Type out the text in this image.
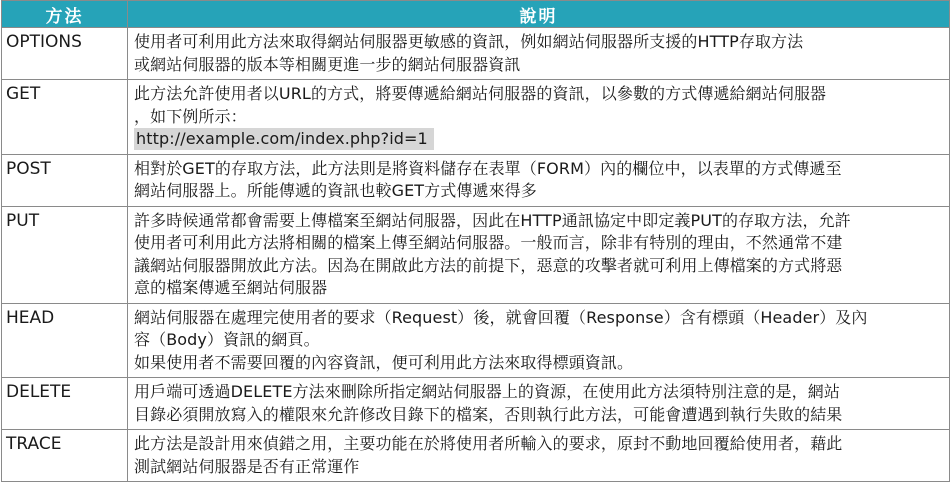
方法	說明
OPTIONS	使用者可利用此方法來取得網站伺服器更敏感的資訊，例如網站伺服器所支援的HTTP存取方法
或網站伺服器的版本等相關更進一步的網站伺服器資訊

GET	此方法允許使用者以URL的方式，將要傳遞給網站伺服器的資訊，以參數的方式傳遞給網站伺服器
，如下例所示：
http://example.com/index.php?id=1

POST	相對於GET的存取方法，此方法則是將資料儲存在表單（FORM）內的欄位中，以表單的方式傳遞至
網站伺服器上。所能傳遞的資訊也較GET方式傳遞來得多

PUT	許多時候通常都會需要上傳檔案至網站伺服器，因此在HTTP通訊協定中即定義PUT的存取方法，允許
使用者可利用此方法將相關的檔案上傳至網站伺服器。一般而言，除非有特別的理由，不然通常不建
議網站伺服器開放此方法。因為在開啟此方法的前提下，惡意的攻擊者就可利用上傳檔案的方式將惡
意的檔案傳遞至網站伺服器

HEAD	網站伺服器在處理完使用者的要求（Request）後，就會回覆（Response）含有標頭（Header）及內
容（Body）資訊的網頁。
如果使用者不需要回覆的內容資訊，便可利用此方法來取得標頭資訊。

DELETE	用戶端可透過DELETE方法來刪除所指定網站伺服器上的資源，在使用此方法須特別注意的是，網站
目錄必須開放寫入的權限來允許修改目錄下的檔案，否則執行此方法，可能會遭遇到執行失敗的結果

TRACE	此方法是設計用來偵錯之用，主要功能在於將使用者所輸入的要求，原封不動地回覆給使用者，藉此
測試網站伺服器是否有正常運作
